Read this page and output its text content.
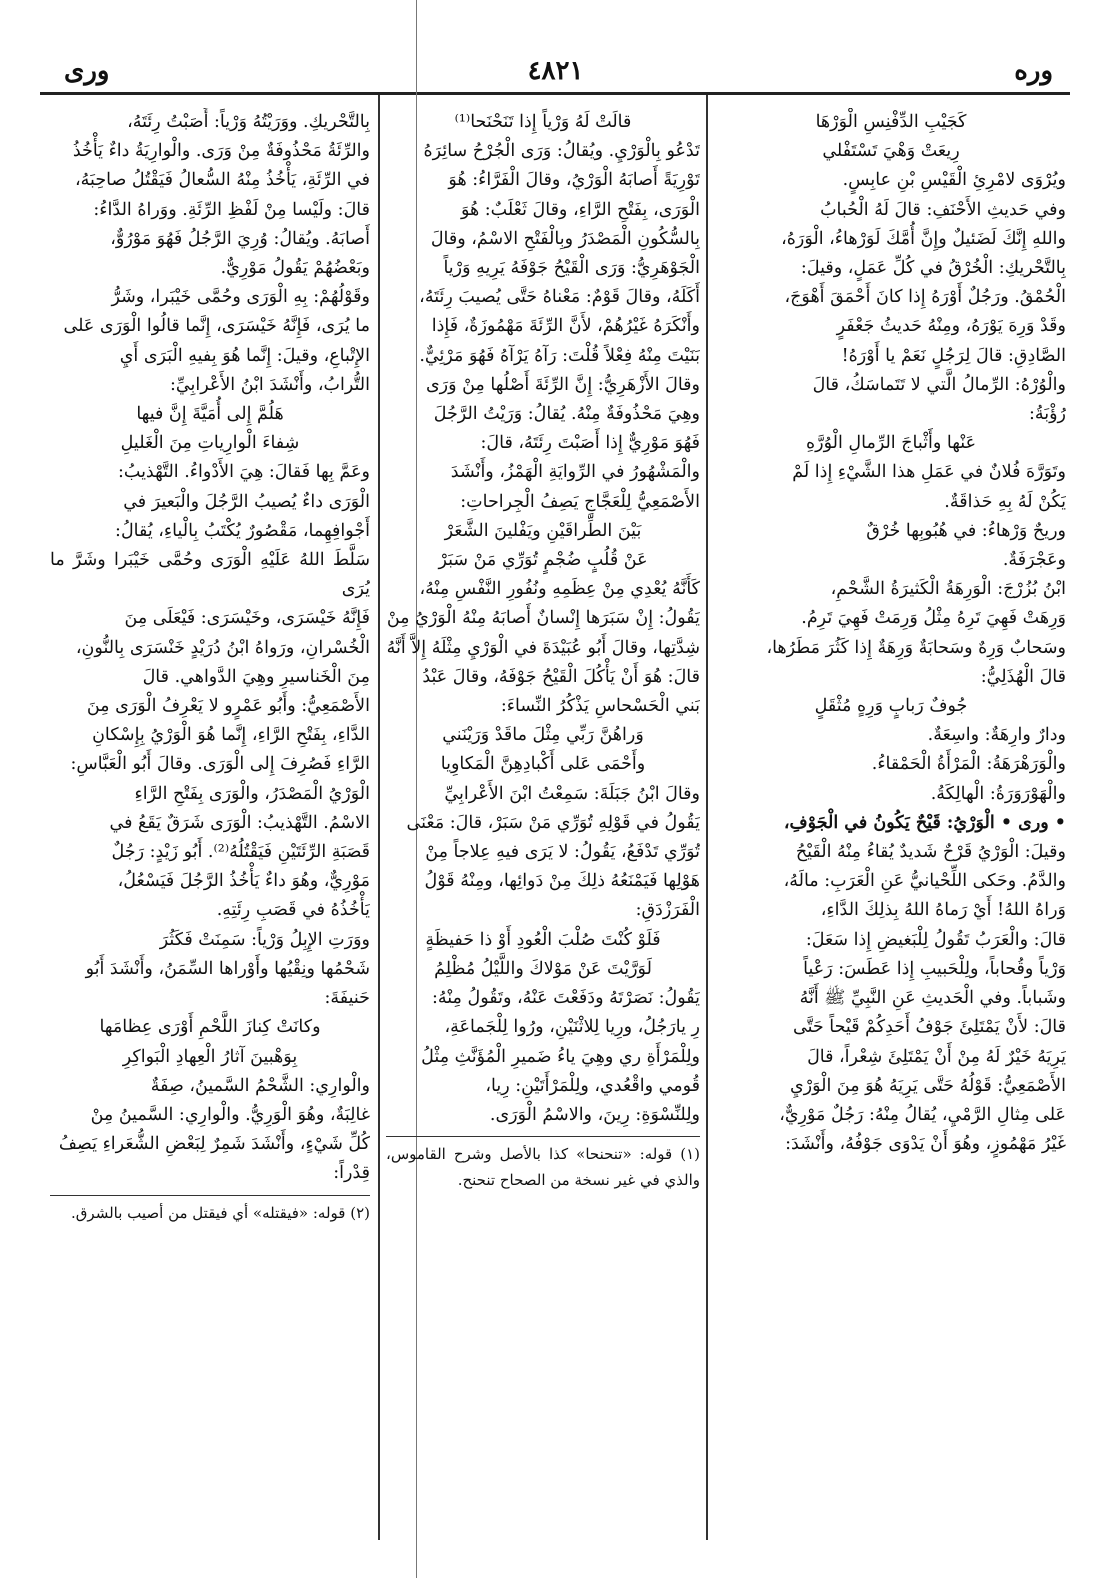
وره
٤٨٢١
ورى

كَجَيْبِ الدِّفْنِسِ الْوَرْهَا

رِيعَتْ وَهْيَ تَسْتَفْلي

ويُرْوَى لامْرِئِ الْقَيْسِ بْنِ عابِسٍ.

وفي حَديثِ الأَحْنَفِ: قالَ لَهُ الْحُبابُ

واللهِ إِنَّكَ لَضَئيلٌ وإِنَّ أُمَّكَ لَوَرْهاءُ، الْوَرَهُ،

بِالتَّحْريكِ: الْخُرْقُ في كُلِّ عَمَلٍ، وقيلَ:

الْحُمْقُ. ورَجُلٌ أَوْرَهُ إِذا كانَ أَحْمَقَ أَهْوَجَ،

وقَدْ وَرِهَ يَوْرَهُ، ومِنْهُ حَديثُ جَعْفَرٍ

الصَّادِقِ: قالَ لِرَجُلٍ نَعَمْ يا أَوْرَهُ!

والْوُرْهُ: الرِّمالُ الَّتي لا تَتَماسَكُ، قالَ

رُؤْبَةُ:

عَنْها وأَثْباجَ الرِّمالِ الْوُرَّهِ

وتَوَرَّهَ فُلانٌ في عَمَلِ هذا الشَّيْءِ إِذا لَمْ

يَكُنْ لَهُ بِهِ حَذاقَةٌ.

وريحٌ وَرْهاءُ: في هُبُوبِها خُرْقٌ

وعَجْرَفَةٌ.

ابْنُ بُزُرْجَ: الْوَرِهَةُ الْكَثيرَةُ الشَّحْمِ،

وَرِهَتْ فَهِيَ تَرِهُ مِثْلُ وَرِمَتْ فَهِيَ تَرِمُ.

وسَحابٌ وَرِهٌ وسَحابَةٌ وَرِهَةٌ إِذا كَثُرَ مَطَرُها،

قالَ الْهُذَلِيُّ:

جُوفٌ رَبابٍ وَرِهٍ مُثْقَلٍ

ودارٌ وارِهَةٌ: واسِعَةٌ.

والْوَرَهْرَهَةُ: الْمَرْأَةُ الْحَمْقاءُ.

والْهَوْرَوَرَةُ: الْهالِكَةُ.

• ورى • الْوَرْيُ: قَيْحٌ يَكُونُ في الْجَوْفِ،

وقيلَ: الْوَرْيُ قَرْحٌ شَديدٌ يُقاءُ مِنْهُ الْقَيْحُ

والدَّمُ. وحَكى اللِّحْيانيُّ عَنِ الْعَرَبِ: مالَهُ،

وَراهُ اللهُ! أَيْ رَماهُ اللهُ بِذلِكَ الدَّاءِ،

قالَ: والْعَرَبُ تَقُولُ لِلْبَغيضِ إِذا سَعَلَ:

وَرْياً وقُحاباً، ولِلْحَبيبِ إِذا عَطَسَ: رَعْياً

وشَباباً. وفي الْحَديثِ عَنِ النَّبِيِّ ﷺ أَنَّهُ

قالَ: لأَنْ يَمْتَلِئَ جَوْفُ أَحَدِكُمْ قَيْحاً حَتَّى

يَرِيَهُ خَيْرٌ لَهُ مِنْ أَنْ يَمْتَلِئَ شِعْراً، قالَ

الأَصْمَعِيُّ: قَوْلُهُ حَتَّى يَرِيَهُ هُوَ مِنَ الْوَرْيِ

عَلى مِثالِ الرَّمْيِ، يُقالُ مِنْهُ: رَجُلٌ مَوْرِيٌّ،

غَيْرُ مَهْمُوزٍ، وهُوَ أَنْ يَدْوَى جَوْفُهُ، وأَنْشَدَ:

قالَتْ لَهُ وَرْياً إِذا تَنَحْنَحا⁽¹⁾

تَدْعُو بِالْوَرْيِ. ويُقالُ: وَرَى الْجُرْحُ سائِرَهُ

تَوْرِيَةً أَصابَهُ الْوَرْيُ، وقالَ الْفَرَّاءُ: هُوَ

الْوَرَى، بِفَتْحِ الرَّاءِ، وقالَ ثَعْلَبٌ: هُوَ

بِالسُّكُونِ الْمَصْدَرُ وبِالْفَتْحِ الاسْمُ، وقالَ

الْجَوْهَرِيُّ: وَرَى الْقَيْحُ جَوْفَهُ يَرِيهِ وَرْياً

أَكَلَهُ، وقالَ قَوْمٌ: مَعْناهُ حَتَّى يُصيبَ رِئَتَهُ،

وأَنْكَرَهُ غَيْرُهُمْ، لأَنَّ الرِّئَةَ مَهْمُوزَةٌ، فَإِذا

بَنَيْتَ مِنْهُ فِعْلاً قُلْتَ: رَآهُ يَرْآهُ فَهُوَ مَرْئِيٌّ.

وقالَ الأَزْهَرِيُّ: إِنَّ الرِّئَةَ أَصْلُها مِنْ وَرَى

وهِيَ مَحْذُوفَةٌ مِنْهُ. يُقالُ: وَرَيْتُ الرَّجُلَ

فَهُوَ مَوْرِيٌّ إِذا أَصَبْتَ رِئَتَهُ، قالَ:

والْمَشْهُورُ في الرِّوايَةِ الْهَمْزُ، وأَنْشَدَ

الأَصْمَعِيُّ لِلْعَجَّاجِ يَصِفُ الْجِراحاتِ:

بَيْنَ الطِّراقَيْنِ ويَفْلينَ الشَّعَرْ

عَنْ قُلُبٍ ضُجْمٍ تُوَرِّي مَنْ سَبَرْ

كَأَنَّهُ يُعْدِي مِنْ عِظَمِهِ ونُفُورِ النَّفْسِ مِنْهُ،

يَقُولُ: إِنْ سَبَرَها إِنْسانٌ أَصابَهُ مِنْهُ الْوَرْيُ مِنْ

شِدَّتِها، وقالَ أَبُو عُبَيْدَةَ في الْوَرْيِ مِثْلَهُ إِلاَّ أَنَّهُ

قالَ: هُوَ أَنْ يَأْكُلَ الْقَيْحُ جَوْفَهُ، وقالَ عَبْدُ

بَني الْحَسْحاسِ يَذْكُرُ النِّساءَ:

وَراهُنَّ رَبِّي مِثْلَ ماقَدْ وَرَيْنَني

وأَحْمَى عَلى أَكْبادِهِنَّ الْمَكاوِيا

وقالَ ابْنُ جَبَلَةَ: سَمِعْتُ ابْنَ الأَعْرابِيِّ

يَقُولُ في قَوْلِهِ تُوَرِّي مَنْ سَبَرْ، قالَ: مَعْنَى

تُوَرِّي تَدْفَعُ، يَقُولُ: لا يَرَى فيهِ عِلاجاً مِنْ

هَوْلِها فَيَمْنَعُهُ ذلِكَ مِنْ دَوائِها، ومِنْهُ قَوْلُ

الْفَرَزْدَقِ:

فَلَوْ كُنْتَ صُلْبَ الْعُودِ أَوْ ذا حَفيظَةٍ

لَوَرَّيْتَ عَنْ مَوْلاكَ واللَّيْلُ مُظْلِمُ

يَقُولُ: نَصَرْتَهُ ودَفَعْتَ عَنْهُ، وتَقُولُ مِنْهُ:

رِ يارَجُلُ، ورِيا لِلاثْنَيْنِ، ورُوا لِلْجَماعَةِ،

ولِلْمَرْأَةِ ري وهِيَ ياءُ ضَميرِ الْمُؤَنَّثِ مِثْلُ

قُومي واقْعُدي، ولِلْمَرْأَتَيْنِ: رِيا،

ولِلنِّسْوَةِ: رِينَ، والاسْمُ الْوَرَى.

(١) قوله: «تنحنحا» كذا بالأصل وشرح القاموس، والذي في غير نسخة من الصحاح تنحنح.

بِالتَّحْريكِ. ووَرَيْتُهُ وَرْياً: أَصَبْتُ رِئَتَهُ،

والرِّئَةُ مَحْذُوفَةٌ مِنْ وَرَى. والْوارِيَةُ داءٌ يَأْخُذُ

في الرِّئَةِ، يَأْخُذُ مِنْهُ السُّعالُ فَيَقْتُلُ صاحِبَهُ،

قالَ: ولَيْسا مِنْ لَفْظِ الرِّئَةِ. ووَراهُ الدَّاءُ:

أَصابَهُ. ويُقالُ: وُرِيَ الرَّجُلُ فَهُوَ مَوْرُوٌّ،

وبَعْضُهُمْ يَقُولُ مَوْرِيٌّ.

وقَوْلُهُمْ: بِهِ الْوَرَى وحُمَّى خَيْبَرا، وشَرُّ

ما يُرَى، فَإِنَّهُ خَيْسَرَى، إِنَّما قالُوا الْوَرَى عَلى

الإِتْباعِ، وقيلَ: إِنَّما هُوَ بِفيهِ الْبَرَى أَيِ

التُّرابُ، وأَنْشَدَ ابْنُ الأَعْرابِيِّ:

هَلُمَّ إِلى أُمَيَّةَ إِنَّ فيها

شِفاءَ الْوارِياتِ مِنَ الْغَليلِ

وعَمَّ بِها فَقالَ: هِيَ الأَدْواءُ. التَّهْذيبُ:

الْوَرَى داءٌ يُصيبُ الرَّجُلَ والْبَعيرَ في

أَجْوافِهِما، مَقْصُورٌ يُكْتَبُ بِالْياءِ، يُقالُ:

سَلَّطَ اللهُ عَلَيْهِ الْوَرَى وحُمَّى خَيْبَرا وشَرَّ ما يُرَى

فَإِنَّهُ خَيْسَرَى، وخَيْسَرَى: فَيْعَلَى مِنَ

الْخُسْرانِ، ورَواهُ ابْنُ دُرَيْدٍ خَنْسَرَى بِالنُّونِ،

مِنَ الْخَناسيرِ وهِيَ الدَّواهي. قالَ

الأَصْمَعِيُّ: وأَبُو عَمْرٍو لا يَعْرِفُ الْوَرَى مِنَ

الدَّاءِ، بِفَتْحِ الرَّاءِ، إِنَّما هُوَ الْوَرْيُ بِإِسْكانِ

الرَّاءِ فَصُرِفَ إِلى الْوَرَى. وقالَ أَبُو الْعَبَّاسِ:

الْوَرْيُ الْمَصْدَرُ، والْوَرَى بِفَتْحِ الرَّاءِ

الاسْمُ. التَّهْذيبُ: الْوَرَى شَرَقٌ يَقَعُ في

قَصَبَةِ الرِّئَتَيْنِ فَيَقْتُلُهُ⁽²⁾. أَبُو زَيْدٍ: رَجُلٌ

مَوْرِيٌّ، وهُوَ داءٌ يَأْخُذُ الرَّجُلَ فَيَسْعُلُ،

يَأْخُذُهُ في قَصَبِ رِئَتِهِ.

ووَرَتِ الإِبِلُ وَرْياً: سَمِنَتْ فَكَثُرَ

شَحْمُها ونِقْيُها وأَوْراها السِّمَنُ، وأَنْشَدَ أَبُو

حَنيفَةَ:

وكانَتْ كِنازَ اللَّحْمِ أَوْرَى عِظامَها

بِوَهْبينَ آثارُ الْعِهادِ الْبَواكِرِ

والْوارِي: الشَّحْمُ السَّمينُ، صِفَةٌ

غالِبَةٌ، وهُوَ الْوَرِيُّ. والْوارِي: السَّمينُ مِنْ

كُلِّ شَيْءٍ، وأَنْشَدَ شَمِرٌ لِبَعْضِ الشُّعَراءِ يَصِفُ

قِدْراً:

(٢) قوله: «فيقتله» أي فيقتل من أصيب بالشرق.
